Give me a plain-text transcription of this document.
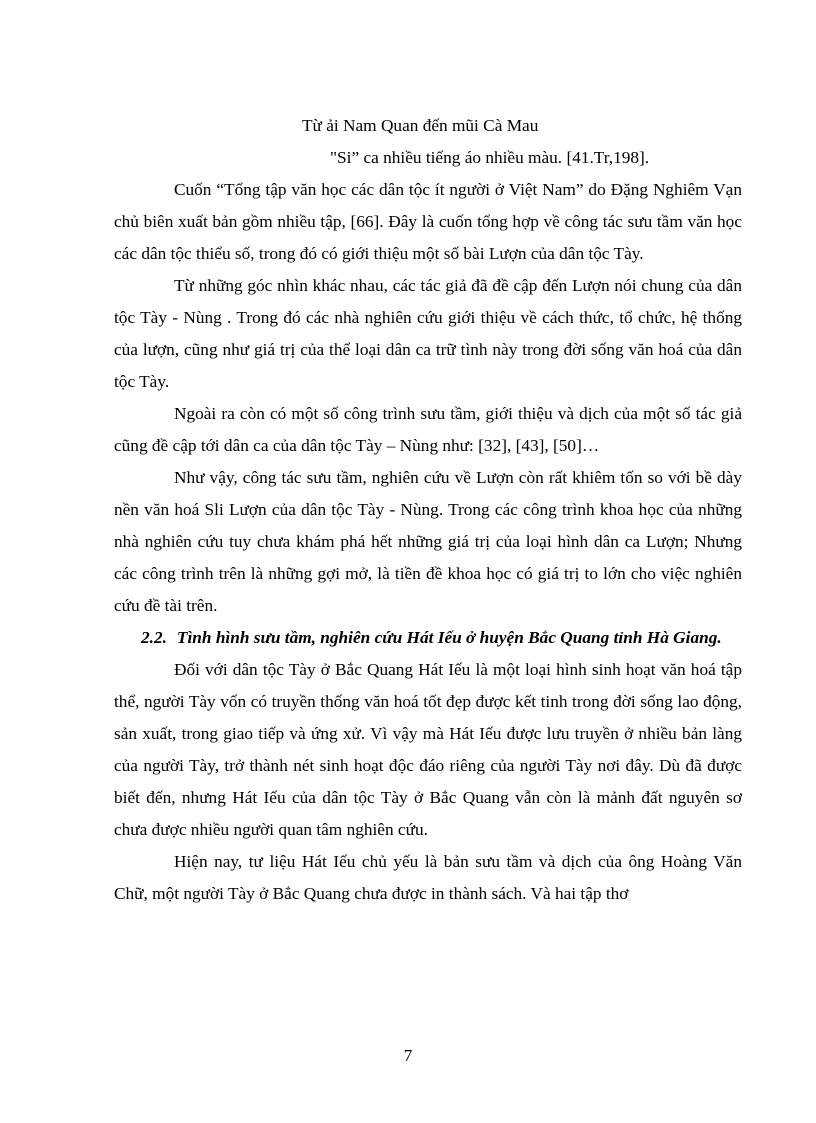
Từ ải Nam Quan đến mũi Cà Mau

"Si” ca nhiều tiếng áo nhiều màu. [41.Tr,198].

Cuốn “Tổng tập văn học các dân tộc ít người ở Việt Nam” do Đặng Nghiêm Vạn chủ biên xuất bản gồm nhiều tập, [66]. Đây là cuốn tổng hợp về công tác sưu tầm văn học các dân tộc thiểu số, trong đó có giới thiệu một số bài Lượn của dân tộc Tày.

Từ những góc nhìn khác nhau, các tác giả đã đề cập đến Lượn nói chung của dân tộc Tày - Nùng . Trong đó các nhà nghiên cứu giới thiệu về cách thức, tổ chức, hệ thống của lượn, cũng như giá trị của thể loại dân ca trữ tình này trong đời sống văn hoá của dân tộc Tày.

Ngoài ra còn có một số công trình sưu tầm, giới thiệu và dịch của một số tác giả cũng đề cập tới dân ca của dân tộc Tày – Nùng như: [32], [43], [50]…

Như vậy, công tác sưu tầm, nghiên cứu về Lượn còn rất khiêm tốn so với bề dày nền văn hoá Sli Lượn của dân tộc Tày - Nùng. Trong các công trình khoa học của những nhà nghiên cứu tuy chưa khám phá hết những giá trị của loại hình dân ca Lượn; Nhưng các công trình trên là những gợi mở, là tiền đề khoa học có giá trị to lớn cho việc nghiên cứu đề tài trên.

2.2. Tình hình sưu tầm, nghiên cứu Hát Iếu ở huyện Bắc Quang tỉnh Hà Giang.

Đối với dân tộc Tày ở Bắc Quang Hát Iếu là một loại hình sinh hoạt văn hoá tập thể, người Tày vốn có truyền thống văn hoá tốt đẹp được kết tinh trong đời sống lao động, sản xuất, trong giao tiếp và ứng xử. Vì vậy mà Hát Iếu được lưu truyền ở nhiều bản làng của người Tày, trở thành nét sinh hoạt độc đáo riêng của người Tày nơi đây. Dù đã được biết đến, nhưng Hát Iếu của dân tộc Tày ở Bắc Quang vẫn còn là mảnh đất nguyên sơ chưa được nhiều người quan tâm nghiên cứu.

Hiện nay, tư liệu Hát Iếu chủ yếu là bản sưu tầm và dịch của ông Hoàng Văn Chữ, một người Tày ở Bắc Quang chưa được in thành sách. Và hai tập thơ

7
